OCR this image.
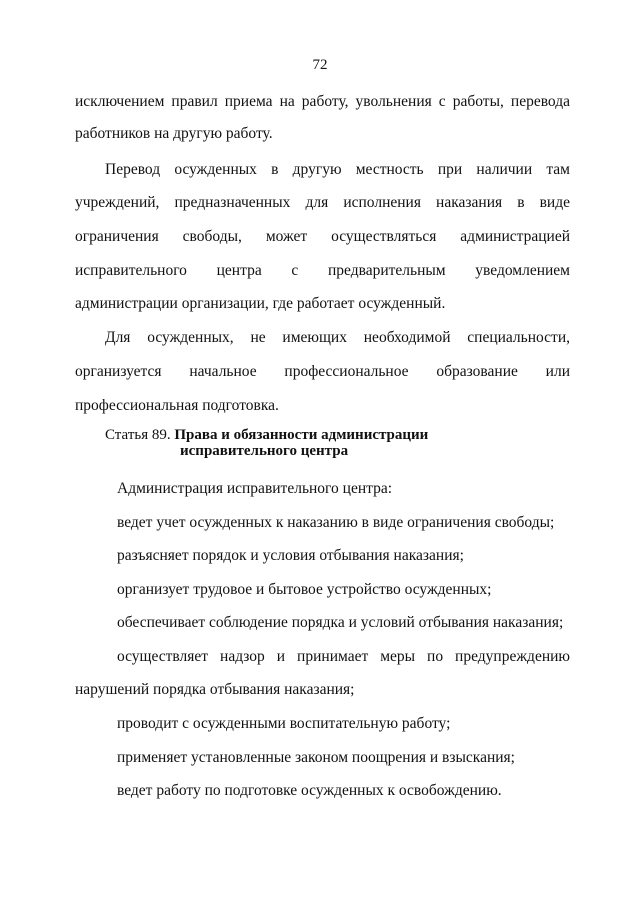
72
исключением правил приема на работу, увольнения с работы, перевода
работников на другую работу.
Перевод осужденных в другую местность при наличии там
учреждений, предназначенных для исполнения наказания в виде
ограничения свободы, может осуществляться администрацией
исправительного центра с предварительным уведомлением
администрации организации, где работает осужденный.
Для осужденных, не имеющих необходимой специальности,
организуется начальное профессиональное образование или
профессиональная подготовка.
Статья 89. Права и обязанности администрации
исправительного центра
Администрация исправительного центра:
ведет учет осужденных к наказанию в виде ограничения свободы;
разъясняет порядок и условия отбывания наказания;
организует трудовое и бытовое устройство осужденных;
обеспечивает соблюдение порядка и условий отбывания наказания;
осуществляет надзор и принимает меры по предупреждению
нарушений порядка отбывания наказания;
проводит с осужденными воспитательную работу;
применяет установленные законом поощрения и взыскания;
ведет работу по подготовке осужденных к освобождению.
